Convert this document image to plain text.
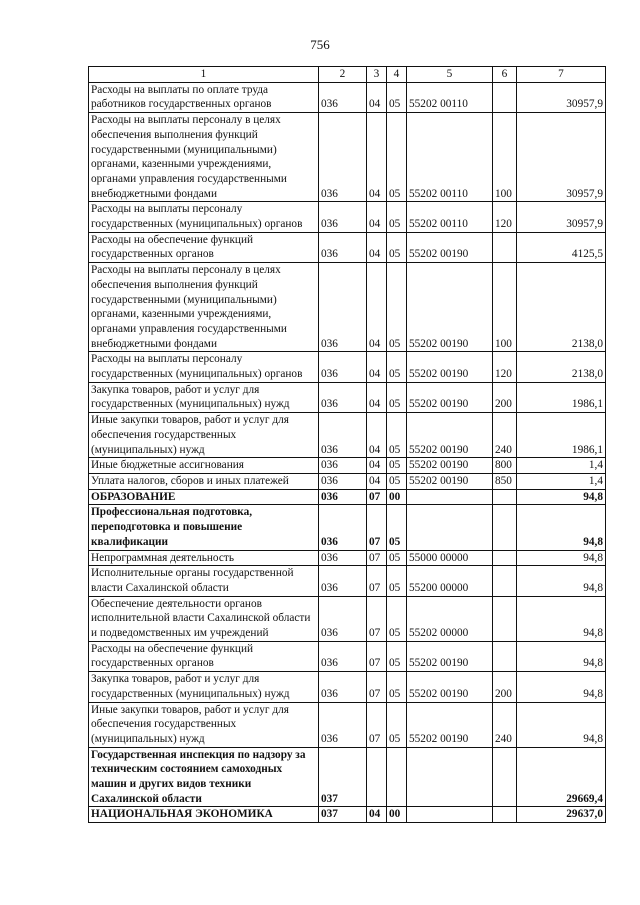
756
1	2	3	4	5	6	7
Расходы на выплаты по оплате труда работников государственных органов	036	04	05	55202 00110		30957,9
Расходы на выплаты персоналу в целях обеспечения выполнения функций государственными (муниципальными) органами, казенными учреждениями, органами управления государственными внебюджетными фондами	036	04	05	55202 00110	100	30957,9
Расходы на выплаты персоналу государственных (муниципальных) органов	036	04	05	55202 00110	120	30957,9
Расходы на обеспечение функций государственных органов	036	04	05	55202 00190		4125,5
Расходы на выплаты персоналу в целях обеспечения выполнения функций государственными (муниципальными) органами, казенными учреждениями, органами управления государственными внебюджетными фондами	036	04	05	55202 00190	100	2138,0
Расходы на выплаты персоналу государственных (муниципальных) органов	036	04	05	55202 00190	120	2138,0
Закупка товаров, работ и услуг для государственных (муниципальных) нужд	036	04	05	55202 00190	200	1986,1
Иные закупки товаров, работ и услуг для обеспечения государственных (муниципальных) нужд	036	04	05	55202 00190	240	1986,1
Иные бюджетные ассигнования	036	04	05	55202 00190	800	1,4
Уплата налогов, сборов и иных платежей	036	04	05	55202 00190	850	1,4
ОБРАЗОВАНИЕ	036	07	00			94,8
Профессиональная подготовка, переподготовка и повышение квалификации	036	07	05			94,8
Непрограммная деятельность	036	07	05	55000 00000		94,8
Исполнительные органы государственной власти Сахалинской области	036	07	05	55200 00000		94,8
Обеспечение деятельности органов исполнительной власти Сахалинской области и подведомственных им учреждений	036	07	05	55202 00000		94,8
Расходы на обеспечение функций государственных органов	036	07	05	55202 00190		94,8
Закупка товаров, работ и услуг для государственных (муниципальных) нужд	036	07	05	55202 00190	200	94,8
Иные закупки товаров, работ и услуг для обеспечения государственных (муниципальных) нужд	036	07	05	55202 00190	240	94,8
Государственная инспекция по надзору за техническим состоянием самоходных машин и других видов техники Сахалинской области	037					29669,4
НАЦИОНАЛЬНАЯ ЭКОНОМИКА	037	04	00			29637,0
